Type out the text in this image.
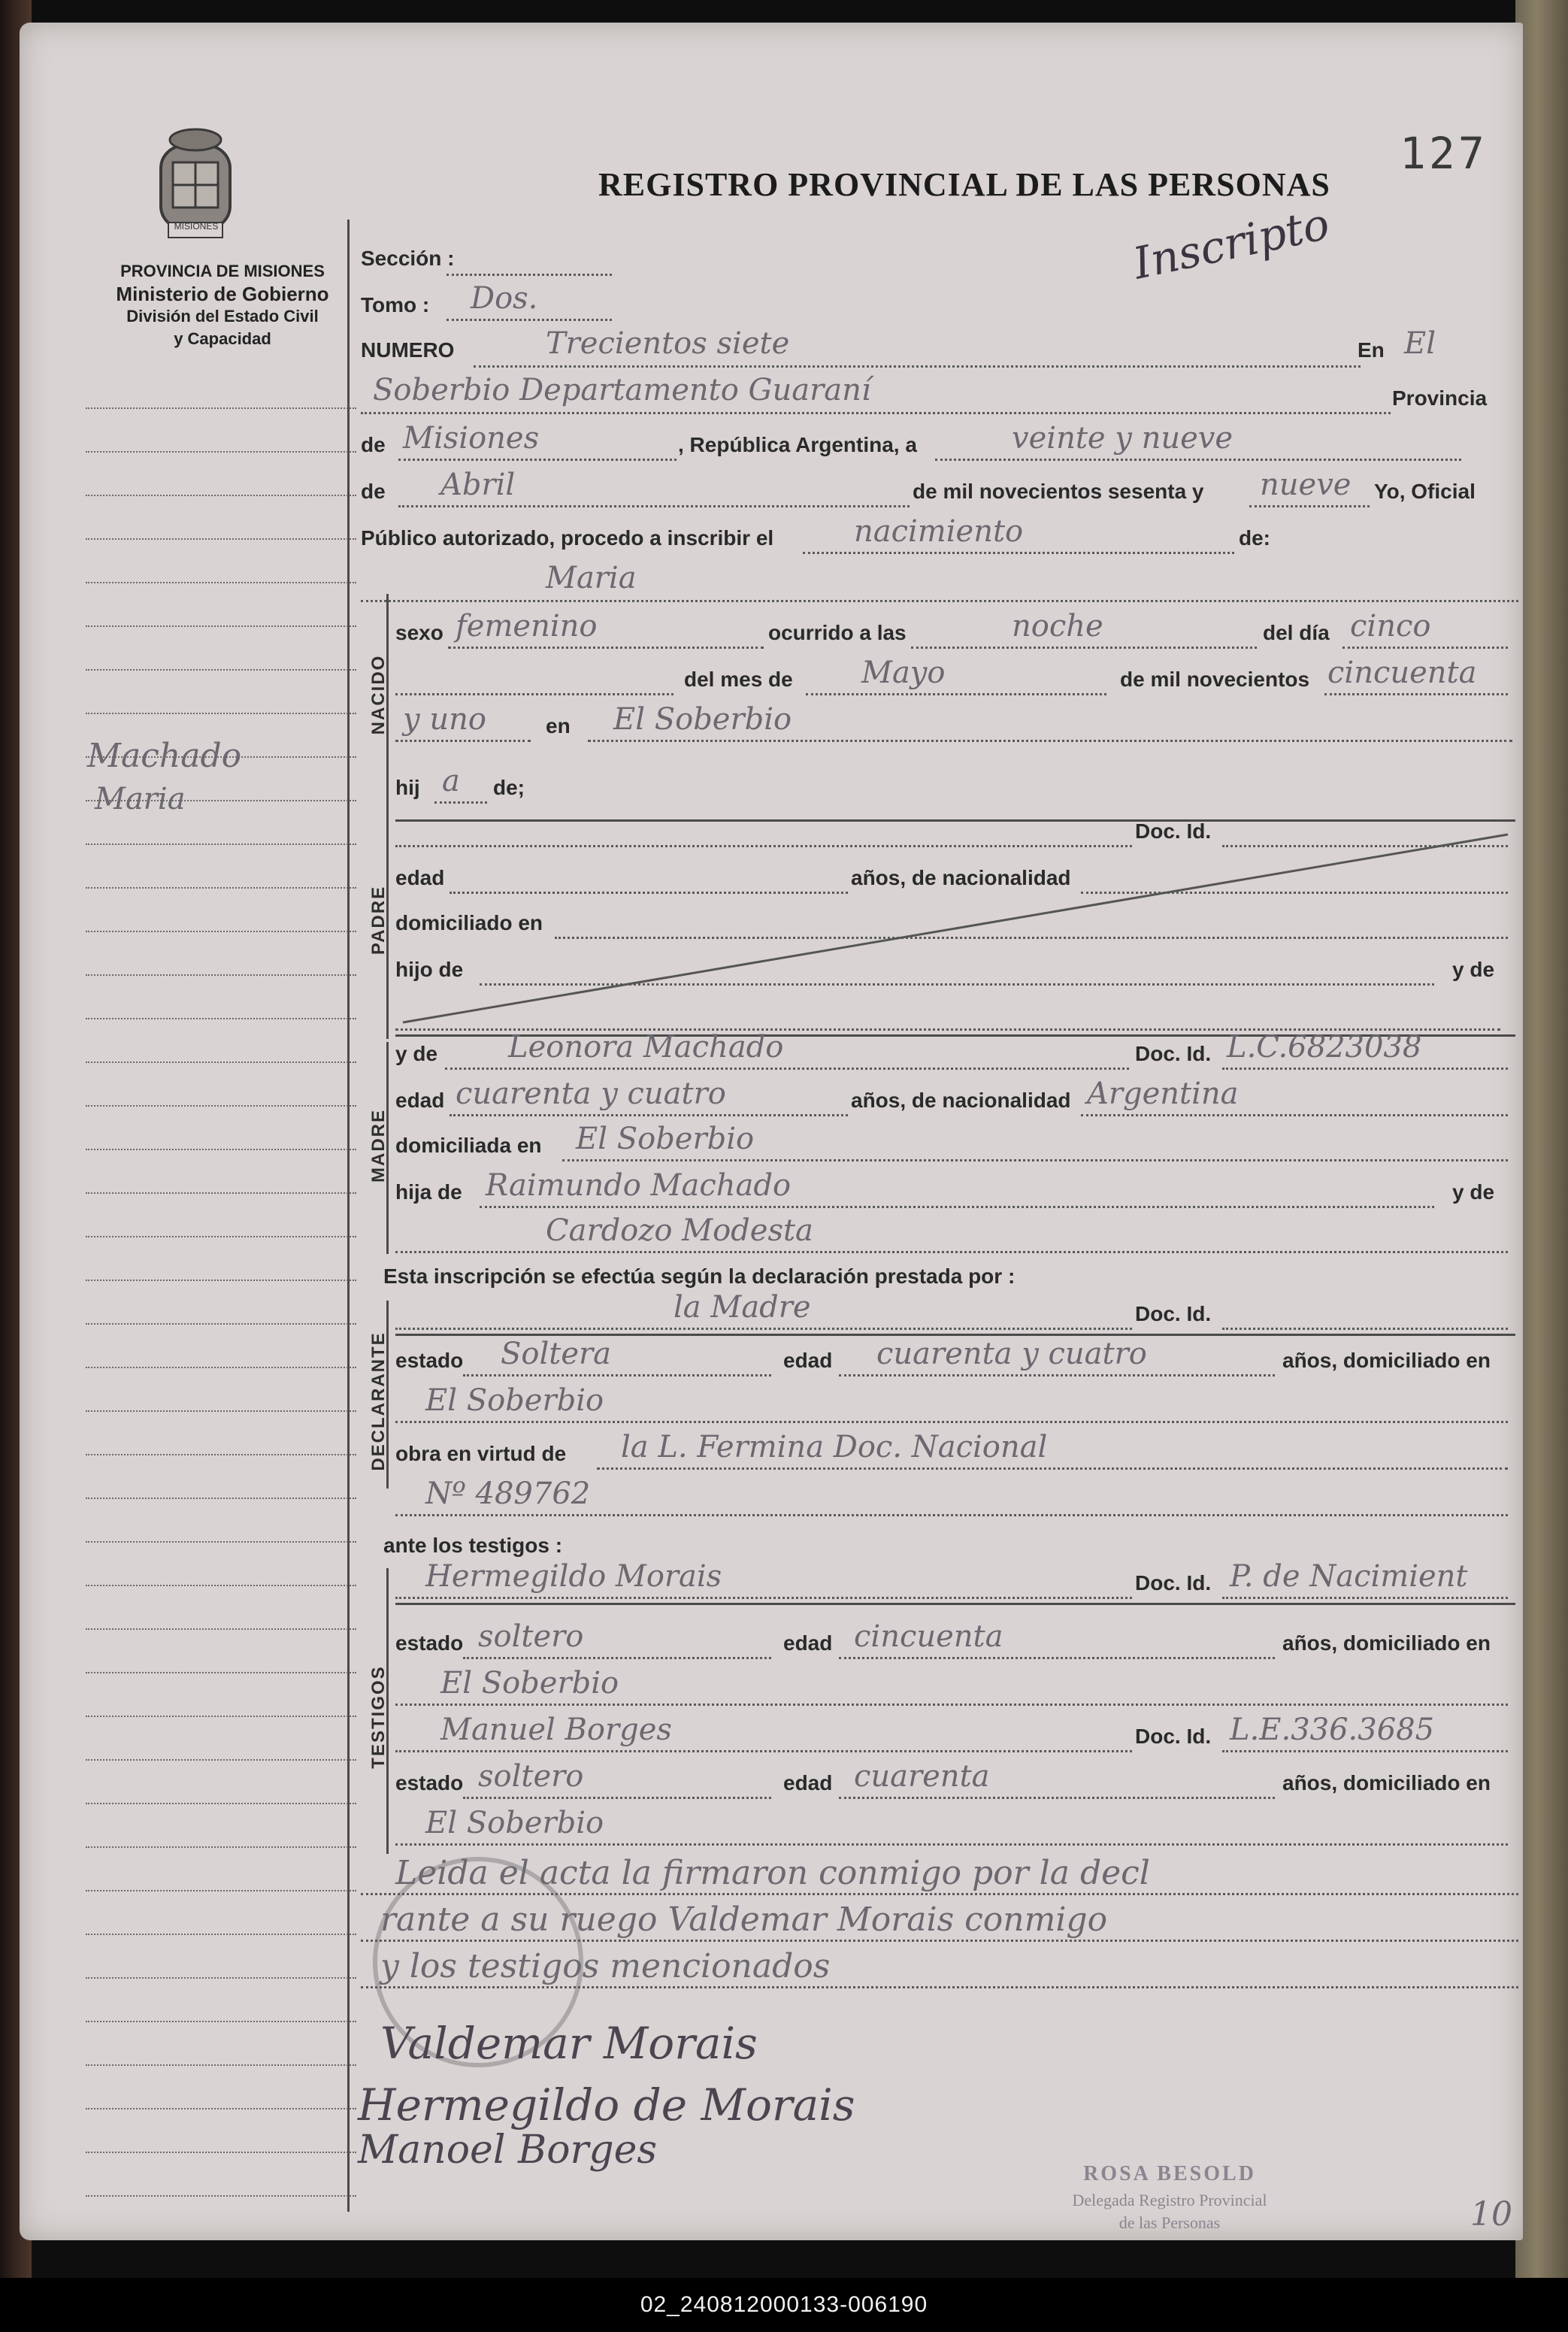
MISIONES
REGISTRO PROVINCIAL DE LAS PERSONAS
127
Inscripto
PROVINCIA DE MISIONES
Ministerio de Gobierno
División del Estado Civil
y Capacidad
Machado
Maria
Sección :
Tomo : Dos.
NUMERO	Trecientos siete	En El
Soberbio Departamento Guaraní	Provincia
de Misiones	, República Argentina, a	veinte y nueve
de Abril	de mil novecientos sesenta y nueve Yo, Oficial
Público autorizado, procedo a inscribir el	nacimiento	de:
Maria
NACIDO
sexo femenino	ocurrido a las	noche	del día cinco
del mes de Mayo	de mil novecientos cincuenta
y uno	en El Soberbio
hij a de;
PADRE
Doc. Id.
edad	años, de nacionalidad
domiciliado en
hijo de	y de
MADRE
y de Leonora Machado	Doc. Id. L.C.6823038
edad cuarenta y cuatro	años, de nacionalidad Argentina
domiciliada en El Soberbio
hija de Raimundo Machado	y de
Cardozo Modesta
Esta inscripción se efectúa según la declaración prestada por :
DECLARANTE
la Madre	Doc. Id.
estado Soltera	edad cuarenta y cuatro	años, domiciliado en
El Soberbio
obra en virtud de la L. Fermina Doc. Nacional
Nº 489762
ante los testigos :
TESTIGOS
Hermegildo Morais	Doc. Id. P. de Nacimient
estado soltero	edad cincuenta	años, domiciliado en
El Soberbio
Manuel Borges	Doc. Id. L.E.336.3685
estado soltero	edad cuarenta	años, domiciliado en
El Soberbio
Leida el acta la firmaron conmigo por la decl
rante a su ruego Valdemar Morais conmigo
y los testigos mencionados
Valdemar Morais
Hermegildo de Morais
Manoel Borges
ROSA BESOLD
Delegada Registro Provincial
de las Personas	10
02_240812000133-006190
